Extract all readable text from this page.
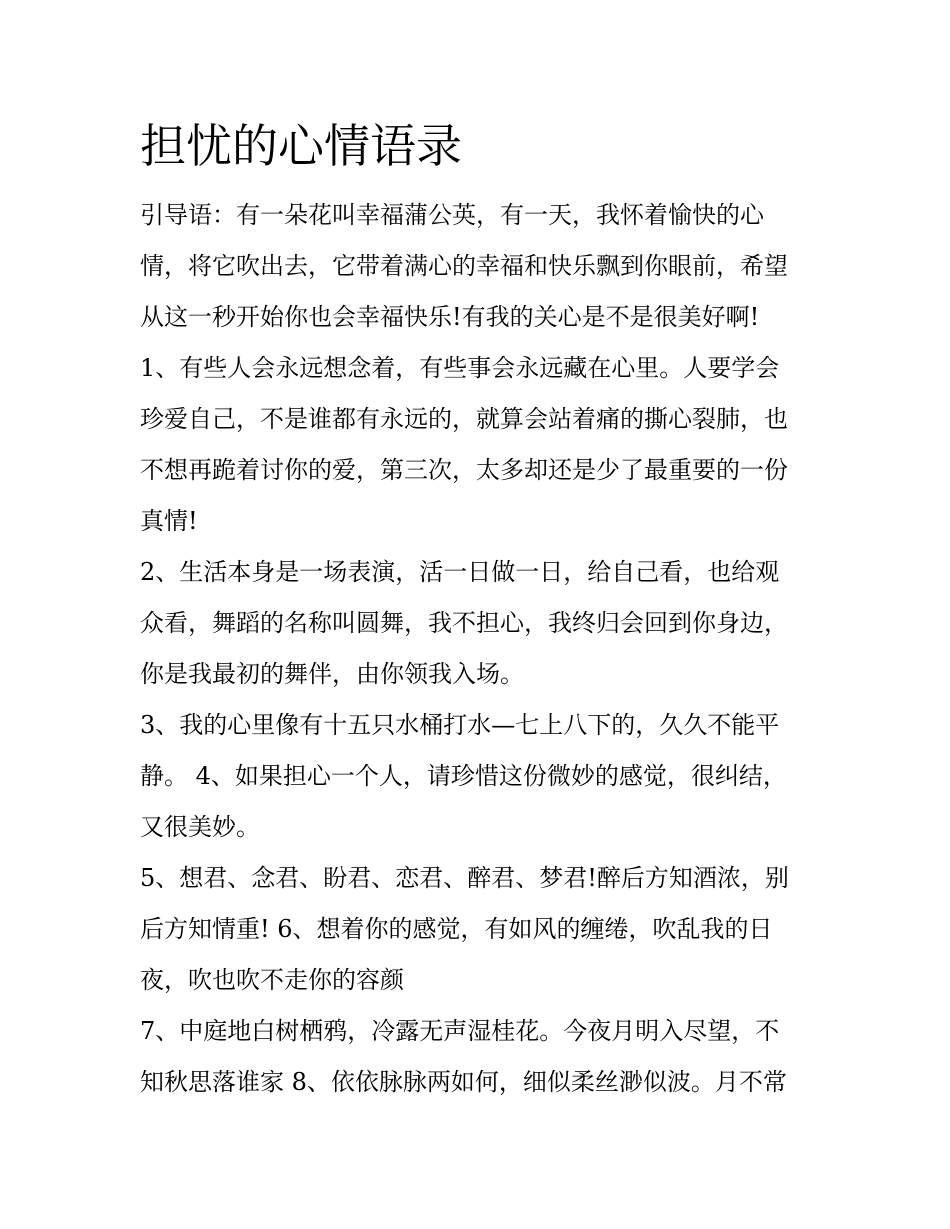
担忧的心情语录

引导语：有一朵花叫幸福蒲公英，有一天，我怀着愉快的心
情，将它吹出去，它带着满心的幸福和快乐飘到你眼前，希望
从这一秒开始你也会幸福快乐!有我的关心是不是很美好啊!

1、有些人会永远想念着，有些事会永远藏在心里。人要学会
珍爱自己，不是谁都有永远的，就算会站着痛的撕心裂肺，也
不想再跪着讨你的爱，第三次，太多却还是少了最重要的一份
真情!

2、生活本身是一场表演，活一日做一日，给自己看，也给观
众看，舞蹈的名称叫圆舞，我不担心，我终归会回到你身边，
你是我最初的舞伴，由你领我入场。

3、我的心里像有十五只水桶打水—七上八下的，久久不能平
静。 4、如果担心一个人，请珍惜这份微妙的感觉，很纠结，
又很美妙。

5、想君、念君、盼君、恋君、醉君、梦君!醉后方知酒浓，别
后方知情重! 6、想着你的感觉，有如风的缠绻，吹乱我的日
夜，吹也吹不走你的容颜

7、中庭地白树栖鸦，冷露无声湿桂花。今夜月明入尽望，不
知秋思落谁家 8、依依脉脉两如何，细似柔丝渺似波。月不常
